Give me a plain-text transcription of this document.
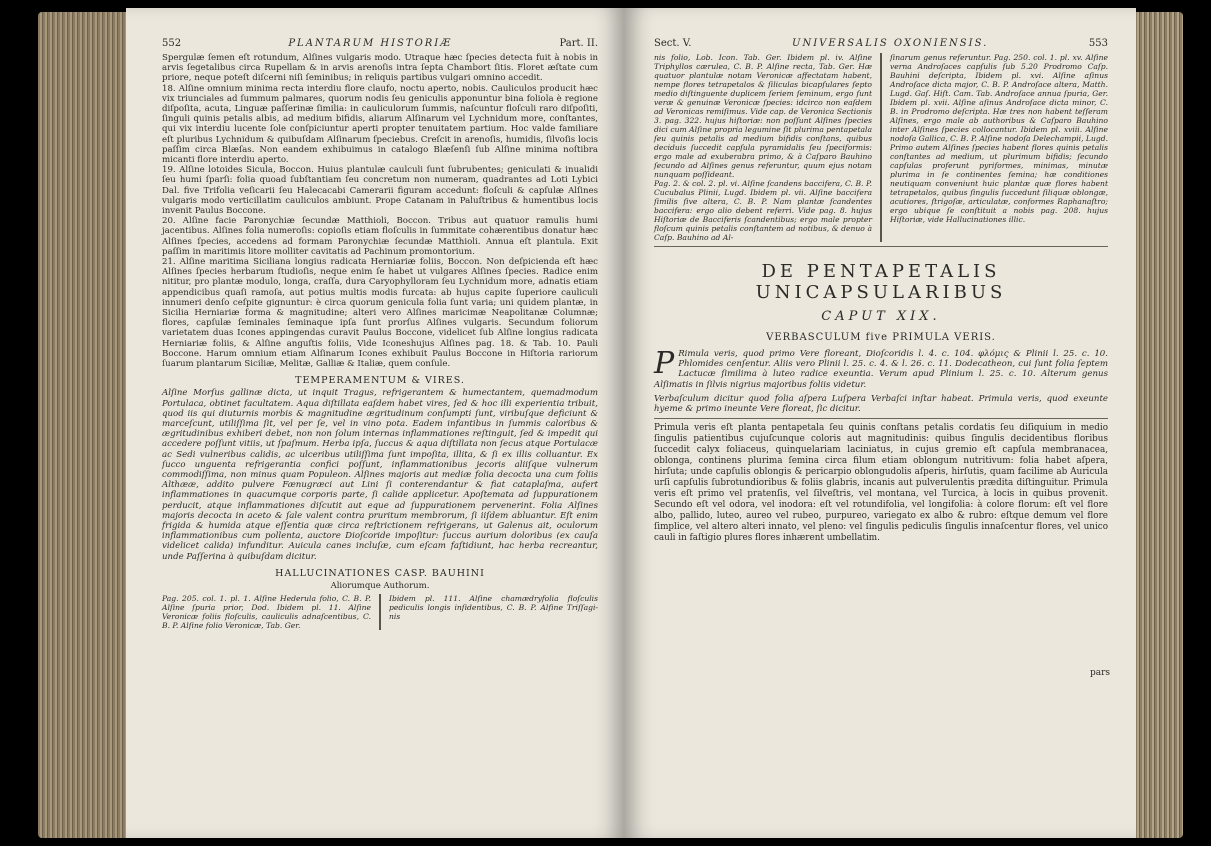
552	PLANTARUM HISTORIÆ	Part. II.

Spergulæ ſemen eſt rotundum, Alſines vulgaris modo. Utraque hæc ſpecies detecta fuit à nobis in arvis ſegetalibus circa Rupellam & in arvis arenoſis intra ſepta Chambort ſitis. Floret æſtate cum priore, neque poteſt diſcerni niſi ſeminibus; in reliquis partibus vulgari omnino accedit.

18. Alſine omnium minima recta interdiu flore claufo, noctu aperto, nobis. Cauliculos producit hæc vix triunciales ad ſummum palmares, quorum nodis ſeu geniculis apponuntur bina foliola è regione diſpoſita, acuta, Linguæ paſſerinæ ſimilia: in cauliculorum ſummis, naſcuntur floſculi raro diſpoſiti, ſinguli quinis petalis albis, ad medium bifidis, aliarum Alſinarum vel Lychnidum more, conſtantes, qui vix interdiu lucente ſole conſpiciuntur aperti propter tenuitatem partium. Hoc valde familiare eſt pluribus Lychnidum & quibuſdam Alſinarum ſpeciebus. Creſcit in arenoſis, humidis, ſilvoſis locis paſſim circa Blæſas. Non eandem exhibuimus in catalogo Blæſenſi ſub Alſine minima noſtibra micanti flore interdiu aperto.

19. Alſine lotoides Sicula, Boccon. Huius plantulæ caulculi ſunt ſubrubentes; geniculati & inualidi ſeu humi ſparſi: folia quoad ſubſtantiam ſeu concretum non numeram, quadrantes ad Loti Lybici Dal. five Trifolia veſicarii ſeu Halecacabi Camerarii figuram accedunt: floſculi & capſulæ Alſines vulgaris modo verticillatim cauliculos ambiunt. Prope Catanam in Paluſtribus & humentibus locis invenit Paulus Boccone.

20. Alſine facie Paronychiæ ſecundæ Matthioli, Boccon. Tribus aut quatuor ramulis humi jacentibus. Alſines folia numeroſis: copioſis etiam floſculis in ſummitate cohærentibus donatur hæc Alſines ſpecies, accedens ad formam Paronychiæ ſecundæ Matthioli. Annua eſt plantula. Exit paſſim in maritimis litore molliter cavitatis ad Pachinum promontorium.

21. Alſine maritima Siciliana longius radicata Herniariæ foliis, Boccon. Non deſpicienda eſt hæc Alſines ſpecies herbarum ſtudioſis, neque enim ſe habet ut vulgares Alſines ſpecies. Radice enim nititur, pro plantæ modulo, longa, craſſa, dura Caryophylloram ſeu Lychnidum more, adnatis etiam appendicibus quaſi ramoſa, aut potius multis modis furcata: ab hujus capite ſuperiore cauliculi innumeri denſo ceſpite gignuntur: è circa quorum genicula folia ſunt varia; uni quidem plantæ, in Sicilia Herniariæ forma & magnitudine; alteri vero Alſines maricimæ Neapolitanæ Columnæ; flores, capſulæ ſeminales ſeminaque ipſa ſunt prorſus Alſines vulgaris. Secundum foliorum varietatem duas Icones appingendas curavit Paulus Boccone, videlicet ſub Alſine longius radicata Herniariæ foliis, & Alſine anguſtis foliis, Vide Iconeshujus Alſines pag. 18. & Tab. 10. Pauli Boccone. Harum omnium etiam Alſinarum Icones exhibuit Paulus Boccone in Hiſtoria rariorum ſuarum plantarum Siciliæ, Melitæ, Galliæ & Italiæ, quem conſule.

TEMPERAMENTUM & VIRES.

Alſine Morſus gallinæ dicta, ut inquit Tragus, refrigerantem & humectantem, quemadmodum Portulaca, obtinet facultatem. Aqua diſtillata eaſdem habet vires, ſed & hoc illi experientia tribuit, quod iis qui diuturnis morbis & magnitudine ægritudinum conſumpti ſunt, viribuſque deficiunt & marceſcunt, utiliſſima ſit, vel per ſe, vel in vino pota. Eadem infantibus in ſummis caloribus & ægritudinibus exhiberi debet, non non ſolum internas inflammationes reſtinguit, ſed & impedit qui accedere poſſunt vitiis, ut ſpaſmum. Herba ipſa, ſuccus & aqua diſtillata non ſecus atque Portulacæ ac Sedi vulneribus calidis, ac ulceribus utiliſſima ſunt impoſita, illita, & ſi ex illis colluantur. Ex ſucco unguenta refrigerantia confici poſſunt, inflammationibus jecoris aliiſque vulnerum commodiſſima, non minus quam Populeon. Alſines majoris aut mediæ folia decocta una cum foliis Althææ, addito pulvere Fænugræci aut Lini ſi conterendantur & fiat cataplaſma, aufert inflammationes in quacumque corporis parte, ſi calide applicetur. Apoſtemata ad ſuppurationem perducit, atque inflammationes diſcutit aut eque ad ſuppurationem pervenerint. Folia Alſines majoris decocta in aceto & ſale valent contra pruritum membrorum, ſi iiſdem abluantur. Eſt enim frigida & humida atque eſſentia quæ circa reſtrictionem refrigerans, ut Galenus ait, oculorum inflammationibus cum pollenta, auctore Dioſcoride impoſitur: ſuccus aurium doloribus (ex cauſa videlicet calida) infunditur. Auicula canes incluſæ, cum eſcam faſtidiunt, hac herba recreantur, unde Paſſerina à quibuſdam dicitur.

HALLUCINATIONES CASP. BAUHINI
Aliorumque Authorum.

Pag. 205. col. 1. pl. 1. Alſine Hederula folio, C. B. P. Alſine ſpuria prior, Dod. Ibidem pl. 11. Alſine Veronicæ foliis floſculis, cauliculis adnaſcentibus, C. B. P. Alſine folio Veronicæ, Tab. Ger.

Ibidem pl. 111. Alſine chamædryfolia floſculis pediculis longis inſidentibus, C. B. P. Alſine Triſſagi-nis

Sect. V.	UNIVERSALIS OXONIENSIS.	553

nis folio, Lob. Icon. Tab. Ger. Ibidem pl. iv. Alſine Triphyllos cærulea, C. B. P. Alſine recta, Tab. Ger. Hæ quatuor plantulæ notam Veronicæ affectatam habent, nempe flores tetrapetalos & ſiliculas bicapſulares ſepto medio diſtinguente duplicem ſeriem ſeminum, ergo ſunt veræ & genuinæ Veronicæ ſpecies: idcirco non eaſdem ad Veronicas remiſimus. Vide cap. de Veronica Sectionis 3. pag. 322. hujus hiſtoriæ: non poſſunt Alſines ſpecies dici cum Alſine propria legumine ſit plurima pentapetala ſeu quinis petalis ad medium bifidis conſtans, quibus deciduis ſuccedit capſula pyramidalis ſeu ſpeciformis: ergo male ad exuberabra primo, & à Caſparo Bauhino ſecundo ad Alſines genus referuntur, quum ejus notam nunquam poſſideant.

Pag. 2. & col. 2. pl. vi. Alſine ſcandens baccifera, C. B. P. Cucubalus Plinii, Lugd. Ibidem pl. vii. Alſine baccifera ſimilis ſive altera, C. B. P. Nam plantæ ſcandentes baccifera: ergo alio debent referri. Vide pag. 8. hujus Hiſtoriæ de Bacciferis ſcandentibus; ergo male propter floſcum quinis petalis conſtantem ad notibus, & denuo à Caſp. Bauhino ad Al-

ſinarum genus referuntur. Pag. 250. col. 1. pl. xv. Alſine verna Androſaces capſulis ſub 5.20 Prodromo Caſp. Bauhini deſcripta, Ibidem pl. xvi. Alſine aſinus Androſace dicta major, C. B. P. Androſace altera, Matth. Lugd. Gaſ. Hiſt. Cam. Tab. Androſace annua ſpuria, Ger. Ibidem pl. xvii. Alſine aſinus Androſace dicta minor, C. B. in Prodromo deſcripta. Hæ tres non habent teſſeram Alſines, ergo male ab authoribus & Caſparo Bauhino inter Alſines ſpecies collocantur. Ibidem pl. xviii. Alſine nodoſa Gallica, C. B. P. Alſine nodoſa Delechampii, Lugd. Primo autem Alſines ſpecies habent flores quinis petalis conſtantes ad medium, ut plurimum bifidis; ſecundo capſulas proferunt pyriformes, minimas, minutæ plurima in ſe continentes ſemina; hæ conditiones neutiquam conveniunt huic plantæ quæ flores habent tetrapetalos, quibus ſingulis ſuccedunt ſiliquæ oblongæ, acutiores, ſtrigoſæ, articulatæ, conformes Raphanaſtro; ergo ubique ſe conſtituit a nobis pag. 208. hujus Hiſtoriæ, vide Hallucinationes illic.

DE PENTAPETALIS UNICAPSULARIBUS
CAPUT XIX.
VERBASCULUM five PRIMULA VERIS.

P Rimula veris, quod primo Vere floreant, Dioſcoridis l. 4. c. 104. φλόμις & Plinii l. 25. c. 10. Phlomides cenſentur. Aliis vero Plinii l. 25. c. 4. & l. 26. c. 11. Dodecatheon, cui ſunt folia ſeptem Lactucæ ſimilima à luteo radice exeuntia. Verum apud Plinium l. 25. c. 10. Alterum genus Alſimatis in ſilvis nigrius majoribus foliis videtur.

Verbaſculum dicitur quod folia aſpera Luſpera Verbaſci inſtar habeat. Primula veris, quod exeunte hyeme & primo ineunte Vere floreat, ſic dicitur.

Primula veris eſt planta pentapetala ſeu quinis conſtans petalis cordatis ſeu diſiquium in medio ſingulis patientibus cujuſcunque coloris aut magnitudinis: quibus ſingulis decidentibus floribus ſuccedit calyx foliaceus, quinquelariam laciniatus, in cujus gremio eſt capſula membranacea, oblonga, continens plurima ſemina circa filum etiam oblongum nutritivum: folia habet aſpera, hirſuta; unde capſulis oblongis & pericarpio oblongudolis aſperis, hirſutis, quam facilime ab Auricula urſi capſulis ſubrotundioribus & foliis glabris, incanis aut pulverulentis prædita diſtinguitur. Primula veris eſt primo vel pratenſis, vel ſilveſtris, vel montana, vel Turcica, à locis in quibus provenit. Secundo eſt vel odora, vel inodora: eſt vel rotundifolia, vel longifolia: à colore florum: eſt vel flore albo, pallido, luteo, aureo vel rubeo, purpureo, variegato ex albo & rubro: eſtque demum vel flore ſimplice, vel altero alteri innato, vel pleno: vel ſingulis pediculis ſingulis innaſcentur flores, vel unico cauli in faſtigio plures flores inhærent umbellatim.

pars
